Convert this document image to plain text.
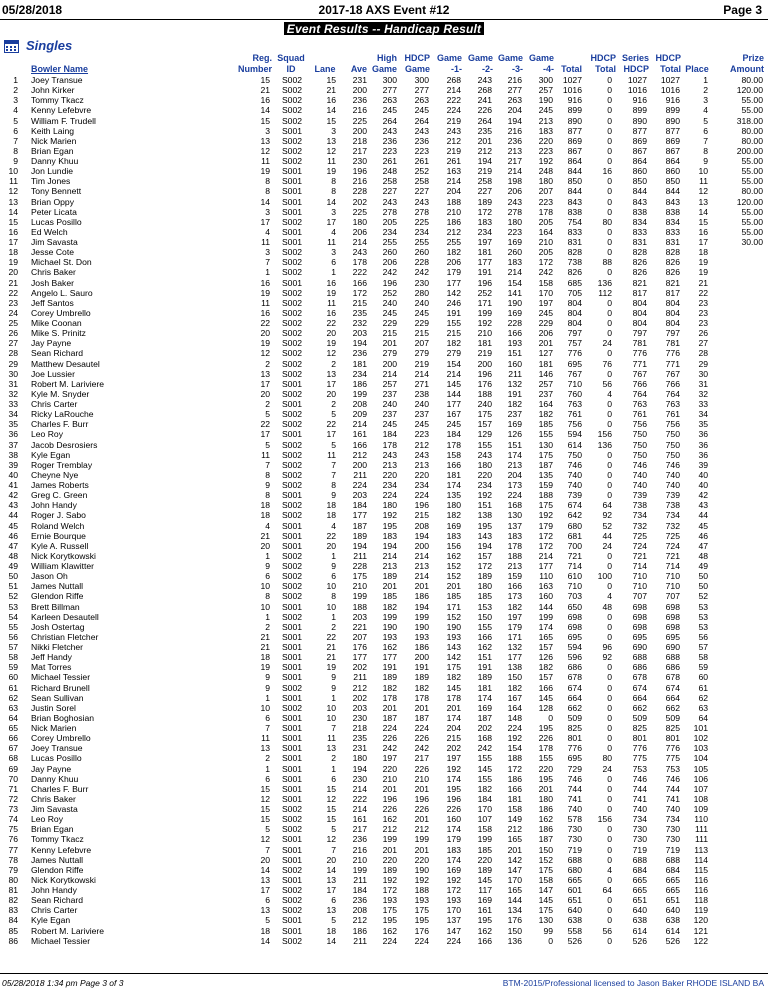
05/28/2018	2017-18 AXS Event #12	Page 3
Event Results -- Handicap Result
Singles
Reg.
Number
Squad
ID	Lane	Ave
High
Game
HDCP
Game
Game
-1-
Game
-2-
Game
-3-
Game
-4- Total
HDCP
Total
Series
HDCP
HDCP
Total Place
Prize
Amount
Bowler Name
1 Joey Transue	15	S002	15	231	300	300	268	243	216	300	1027	0	1027	1027	1	80.00
2 John Kirker	21	S002	21	200	277	277	214	268	277	257	1016	0	1016	1016	2	120.00
3 Tommy Tkacz	16	S002	16	236	263	263	222	241	263	190	916	0	916	916	3	55.00
4 Kenny Lefebvre	14	S002	14	216	245	245	224	226	204	245	899	0	899	899	4	55.00
5 William F. Trudell	15	S002	15	225	264	264	219	264	194	213	890	0	890	890	5	318.00
6 Keith Laing	3	S001	3	200	243	243	243	235	216	183	877	0	877	877	6	80.00
7 Nick Marien	13	S002	13	218	236	236	212	201	236	220	869	0	869	869	7	80.00
8 Brian Egan	12	S002	12	217	223	223	219	212	213	223	867	0	867	867	8	200.00
9 Danny Khuu	11	S002	11	230	261	261	261	194	217	192	864	0	864	864	9	55.00
10 Jon Lundie	19	S001	19	196	248	252	163	219	214	248	844	16	860	860	10	55.00
11 Tim Jones	8	S001	8	216	258	258	214	258	198	180	850	0	850	850	11	55.00
12 Tony Bennett	8	S001	8	228	227	227	204	227	206	207	844	0	844	844	12	80.00
13 Brian Oppy	14	S001	14	202	243	243	188	189	243	223	843	0	843	843	13	120.00
14 Peter Licata	3	S001	3	225	278	278	210	172	278	178	838	0	838	838	14	55.00
15 Lucas Posillo	17	S002	17	180	205	225	186	183	180	205	754	80	834	834	15	55.00
16 Ed Welch	4	S001	4	206	234	234	212	234	223	164	833	0	833	833	16	55.00
17 Jim Savasta	11	S001	11	214	255	255	255	197	169	210	831	0	831	831	17	30.00
18 Jesse Cote	3	S002	3	243	260	260	182	181	260	205	828	0	828	828	18
19 Michael St. Don	7	S002	6	178	206	228	206	177	183	172	738	88	826	826	19
20 Chris Baker	1	S002	1	222	242	242	179	191	214	242	826	0	826	826	19
21 Josh Baker	16	S001	16	166	196	230	177	196	154	158	685	136	821	821	21
22 Angelo L. Sauro	19	S002	19	172	252	280	142	252	141	170	705	112	817	817	22
23 Jeff Santos	11	S002	11	215	240	240	246	171	190	197	804	0	804	804	23
24 Corey Umbrello	16	S002	16	235	245	245	191	199	169	245	804	0	804	804	23
25 Mike Coonan	22	S002	22	232	229	229	155	192	228	229	804	0	804	804	23
26 Mike S. Prinitz	20	S002	20	203	215	215	215	210	166	206	797	0	797	797	26
27 Jay Payne	19	S002	19	194	201	207	182	181	193	201	757	24	781	781	27
28 Sean Richard	12	S002	12	236	279	279	279	219	151	127	776	0	776	776	28
29 Matthew Desautel	2	S002	2	181	200	219	154	200	160	181	695	76	771	771	29
30 Joe Lussier	13	S002	13	234	214	214	214	196	211	146	767	0	767	767	30
31 Robert M. Lariviere	17	S001	17	186	257	271	145	176	132	257	710	56	766	766	31
32 Kyle M. Snyder	20	S002	20	199	237	238	144	188	191	237	760	4	764	764	32
33 Chris Carter	2	S001	2	208	240	240	177	240	182	164	763	0	763	763	33
34 Ricky LaRouche	5	S002	5	209	237	237	167	175	237	182	761	0	761	761	34
35 Charles F. Burr	22	S002	22	214	245	245	245	157	169	185	756	0	756	756	35
36 Leo Roy	17	S001	17	161	184	223	184	129	126	155	594	156	750	750	36
37 Jacob Desrosiers	5	S002	5	166	178	212	178	155	151	130	614	136	750	750	36
38 Kyle Egan	11	S002	11	212	243	243	158	243	174	175	750	0	750	750	36
39 Roger Tremblay	7	S002	7	200	213	213	166	180	213	187	746	0	746	746	39
40 Cheyne Nye	8	S002	7	211	220	220	181	220	204	135	740	0	740	740	40
41 James Roberts	9	S002	8	224	234	234	174	234	173	159	740	0	740	740	40
42 Greg C. Green	8	S001	9	203	224	224	135	192	224	188	739	0	739	739	42
43 John Handy	18	S002	18	184	180	196	180	151	168	175	674	64	738	738	43
44 Roger J. Sabo	18	S002	18	177	192	215	182	138	130	192	642	92	734	734	44
45 Roland Welch	4	S001	4	187	195	208	169	195	137	179	680	52	732	732	45
46 Ernie Bourque	21	S001	22	189	183	194	183	143	183	172	681	44	725	725	46
47 Kyle A. Russell	20	S001	20	194	194	200	156	194	178	172	700	24	724	724	47
48 Nick Korytkowski	1	S002	1	211	214	214	162	157	188	214	721	0	721	721	48
49 William Klawitter	9	S002	9	228	213	213	152	172	213	177	714	0	714	714	49
50 Jason Oh	6	S002	6	175	189	214	152	189	159	110	610	100	710	710	50
51 James Nuttall	10	S002	10	210	201	201	201	180	166	163	710	0	710	710	50
52 Glendon Riffe	8	S002	8	199	185	186	185	185	173	160	703	4	707	707	52
53 Brett Billman	10	S001	10	188	182	194	171	153	182	144	650	48	698	698	53
54 Karleen Desautell	1	S002	1	203	199	199	152	150	197	199	698	0	698	698	53
55 Josh Ostertag	2	S001	2	221	190	190	190	155	179	174	698	0	698	698	53
56 Christian Fletcher	21	S001	22	207	193	193	193	166	171	165	695	0	695	695	56
57 Nikki Fletcher	21	S001	21	176	162	186	143	162	132	157	594	96	690	690	57
58 Jeff Handy	18	S001	21	177	177	200	142	151	177	126	596	92	688	688	58
59 Mat Torres	19	S001	19	202	191	191	175	191	138	182	686	0	686	686	59
60 Michael Tessier	9	S001	9	211	189	189	182	189	150	157	678	0	678	678	60
61 Richard Brunell	9	S002	9	212	182	182	145	181	182	166	674	0	674	674	61
62 Sean Sullivan	1	S001	1	202	178	178	178	174	167	145	664	0	664	664	62
63 Justin Sorel	10	S002	10	203	201	201	201	169	164	128	662	0	662	662	63
64 Brian Boghosian	6	S001	10	230	187	187	174	187	148	0	509	0	509	509	64
65 Nick Marien	7	S001	7	218	224	224	204	202	224	195	825	0	825	825	101
66 Corey Umbrello	11	S001	11	235	226	226	215	168	192	226	801	0	801	801	102
67 Joey Transue	13	S001	13	231	242	242	202	242	154	178	776	0	776	776	103
68 Lucas Posillo	2	S001	2	180	197	217	197	155	188	155	695	80	775	775	104
69 Jay Payne	1	S001	1	194	220	226	192	145	172	220	729	24	753	753	105
70 Danny Khuu	6	S001	6	230	210	210	174	155	186	195	746	0	746	746	106
71 Charles F. Burr	15	S001	15	214	201	201	195	182	166	201	744	0	744	744	107
72 Chris Baker	12	S001	12	222	196	196	196	184	181	180	741	0	741	741	108
73 Jim Savasta	15	S002	15	214	226	226	226	170	158	186	740	0	740	740	109
74 Leo Roy	15	S002	15	161	162	201	160	107	149	162	578	156	734	734	110
75 Brian Egan	5	S002	5	217	212	212	174	158	212	186	730	0	730	730	111
76 Tommy Tkacz	12	S001	12	236	199	199	179	199	165	187	730	0	730	730	111
77 Kenny Lefebvre	7	S001	7	216	201	201	183	185	201	150	719	0	719	719	113
78 James Nuttall	20	S001	20	210	220	220	174	220	142	152	688	0	688	688	114
79 Glendon Riffe	14	S002	14	199	189	190	169	189	147	175	680	4	684	684	115
80 Nick Korytkowski	13	S001	13	211	192	192	192	145	170	158	665	0	665	665	116
81 John Handy	17	S002	17	184	172	188	172	117	165	147	601	64	665	665	116
82 Sean Richard	6	S002	6	236	193	193	193	169	144	145	651	0	651	651	118
83 Chris Carter	13	S002	13	208	175	175	170	161	134	175	640	0	640	640	119
84 Kyle Egan	5	S001	5	212	195	195	137	195	176	130	638	0	638	638	120
85 Robert M. Lariviere	18	S001	18	186	162	176	147	162	150	99	558	56	614	614	121
86 Michael Tessier	14	S002	14	211	224	224	224	166	136	0	526	0	526	526	122
05/28/2018 1:34 pm Page 3 of 3	BTM-2015/Professional licensed to Jason Baker RHODE ISLAND BA
